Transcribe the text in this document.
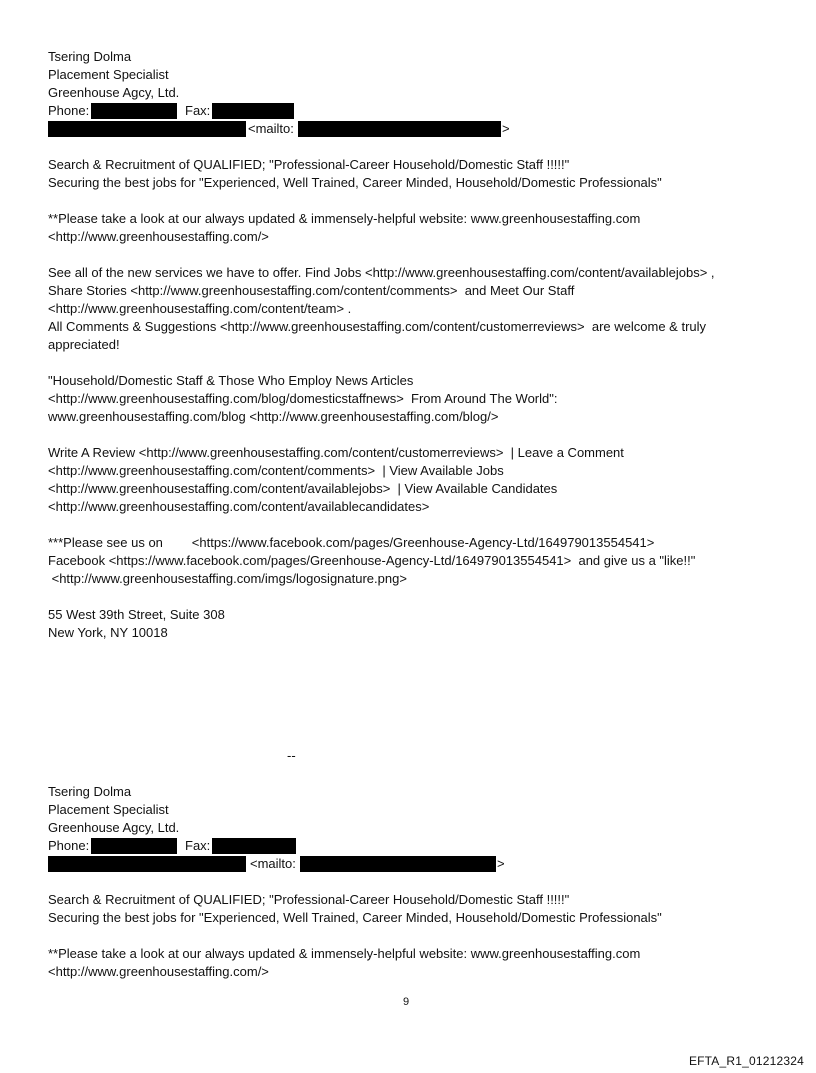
Tsering Dolma
Placement Specialist
Greenhouse Agcy, Ltd.
Phone:	Fax:
<mailto:	>
Search & Recruitment of QUALIFIED; "Professional-Career Household/Domestic Staff !!!!!"
Securing the best jobs for "Experienced, Well Trained, Career Minded, Household/Domestic Professionals"
**Please take a look at our always updated & immensely-helpful website: www.greenhousestaffing.com
<http://www.greenhousestaffing.com/>
See all of the new services we have to offer. Find Jobs <http://www.greenhousestaffing.com/content/availablejobs> ,
Share Stories <http://www.greenhousestaffing.com/content/comments>  and Meet Our Staff
<http://www.greenhousestaffing.com/content/team> .
All Comments & Suggestions <http://www.greenhousestaffing.com/content/customerreviews>  are welcome & truly
appreciated!
"Household/Domestic Staff & Those Who Employ News Articles
<http://www.greenhousestaffing.com/blog/domesticstaffnews>  From Around The World":
www.greenhousestaffing.com/blog <http://www.greenhousestaffing.com/blog/>
Write A Review <http://www.greenhousestaffing.com/content/customerreviews>  | Leave a Comment
<http://www.greenhousestaffing.com/content/comments>  | View Available Jobs
<http://www.greenhousestaffing.com/content/availablejobs>  | View Available Candidates
<http://www.greenhousestaffing.com/content/availablecandidates>
***Please see us on        <https://www.facebook.com/pages/Greenhouse-Agency-Ltd/164979013554541>
Facebook <https://www.facebook.com/pages/Greenhouse-Agency-Ltd/164979013554541>  and give us a "like!!"
<http://www.greenhousestaffing.com/imgs/logosignature.png>
55 West 39th Street, Suite 308
New York, NY 10018
--
Tsering Dolma
Placement Specialist
Greenhouse Agcy, Ltd.
Phone:	Fax:
<mailto:	>
Search & Recruitment of QUALIFIED; "Professional-Career Household/Domestic Staff !!!!!"
Securing the best jobs for "Experienced, Well Trained, Career Minded, Household/Domestic Professionals"
**Please take a look at our always updated & immensely-helpful website: www.greenhousestaffing.com
<http://www.greenhousestaffing.com/>
9
EFTA_R1_01212324
